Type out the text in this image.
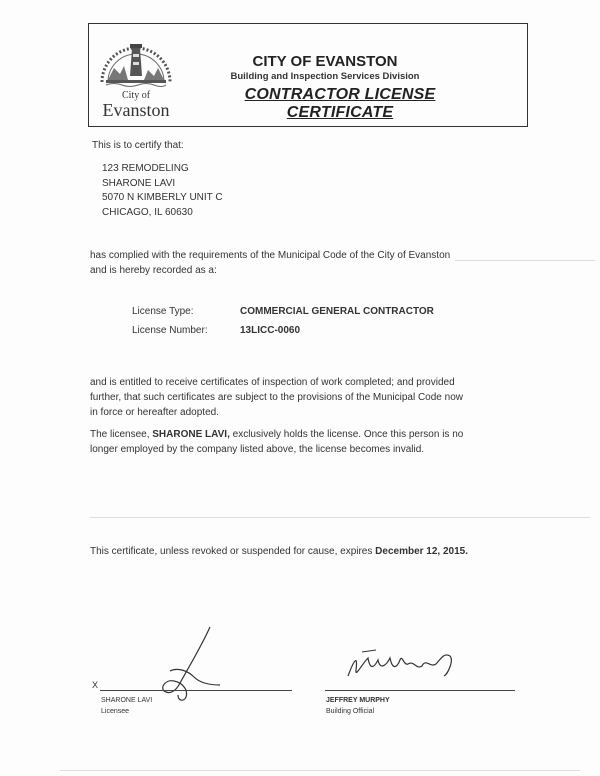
City of
Evanston
CITY OF EVANSTON
Building and Inspection Services Division
CONTRACTOR LICENSE CERTIFICATE
This is to certify that:
123 REMODELING
SHARONE LAVI
5070 N KIMBERLY UNIT C
CHICAGO, IL 60630
has complied with the requirements of the Municipal Code of the City of Evanston
and is hereby recorded as a:
License Type:	COMMERCIAL GENERAL CONTRACTOR
License Number:	13LICC-0060
and is entitled to receive certificates of inspection of work completed; and provided
further, that such certificates are subject to the provisions of the Municipal Code now
in force or hereafter adopted.
The licensee, SHARONE LAVI, exclusively holds the license. Once this person is no
longer employed by the company listed above, the license becomes invalid.
This certificate, unless revoked or suspended for cause, expires December 12, 2015.
X
SHARONE LAVI
Licensee
JEFFREY MURPHY
Building Official
